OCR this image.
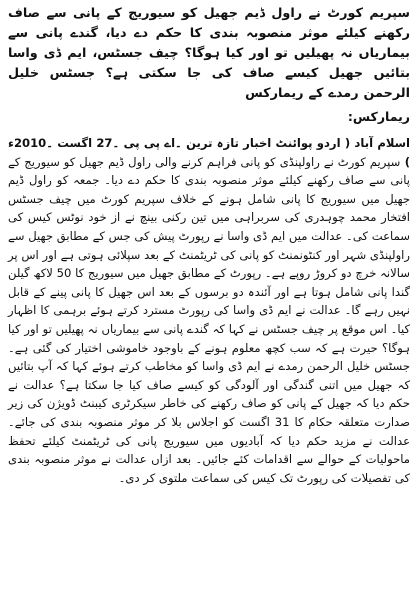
سپریم کورٹ نے راول ڈیم جھیل کو سیوریج کے پانی سے صاف رکھنے کیلئے موثر منصوبہ بندی کا حکم دے دیا، گندے پانی سے بیماریاں نہ پھیلیں تو اور کیا ہوگا؟ چیف جسٹس، ایم ڈی واسا بتائیں جھیل کیسے صاف کی جا سکتی ہے؟ جسٹس خلیل الرحمن رمدے کے ریمارکس

ریمارکس:

اسلام آباد ( اردو پوائنٹ اخبار تازہ ترین ۔اے پی پی ۔27 اگست ۔2010ء ) سپریم کورٹ نے راولپنڈی کو پانی فراہم کرنے والی راول ڈیم جھیل کو سیوریج کے پانی سے صاف رکھنے کیلئے موثر منصوبہ بندی کا حکم دے دیا۔ جمعہ کو راول ڈیم جھیل میں سیوریج کا پانی شامل ہونے کے خلاف سپریم کورٹ میں چیف جسٹس افتخار محمد چوہدری کی سربراہی میں تین رکنی بینچ نے از خود نوٹس کیس کی سماعت کی۔ عدالت میں ایم ڈی واسا نے رپورٹ پیش کی جس کے مطابق جھیل سے راولپنڈی شہر اور کنٹونمنٹ کو پانی کی ٹریٹمنٹ کے بعد سپلائی ہوتی ہے اور اس پر سالانہ خرچ دو کروڑ روپے ہے۔ رپورٹ کے مطابق جھیل میں سیوریج کا 50 لاکھ گیلن گندا پانی شامل ہوتا ہے اور آئندہ دو برسوں کے بعد اس جھیل کا پانی پینے کے قابل نہیں رہے گا۔ عدالت نے ایم ڈی واسا کی رپورٹ مسترد کرتے ہوئے برہمی کا اظہار کیا۔ اس موقع پر چیف جسٹس نے کہا کہ گندے پانی سے بیماریاں نہ پھیلیں تو اور کیا ہوگا؟ حیرت ہے کہ سب کچھ معلوم ہونے کے باوجود خاموشی اختیار کی گئی ہے۔ جسٹس خلیل الرحمن رمدے نے ایم ڈی واسا کو مخاطب کرتے ہوئے کہا کہ آپ بتائیں کہ جھیل میں اتنی گندگی اور آلودگی کو کیسے صاف کیا جا سکتا ہے؟ عدالت نے حکم دیا کہ جھیل کے پانی کو صاف رکھنے کی خاطر سیکرٹری کیبنٹ ڈویژن کی زیر صدارت متعلقہ حکام کا 31 اگست کو اجلاس بلا کر موثر منصوبہ بندی کی جائے۔ عدالت نے مزید حکم دیا کہ آبادیوں میں سیوریج پانی کی ٹریٹمنٹ کیلئے تحفظ ماحولیات کے حوالے سے اقدامات کئے جائیں۔ بعد ازاں عدالت نے موثر منصوبہ بندی کی تفصیلات کی رپورٹ تک کیس کی سماعت ملتوی کر دی۔
